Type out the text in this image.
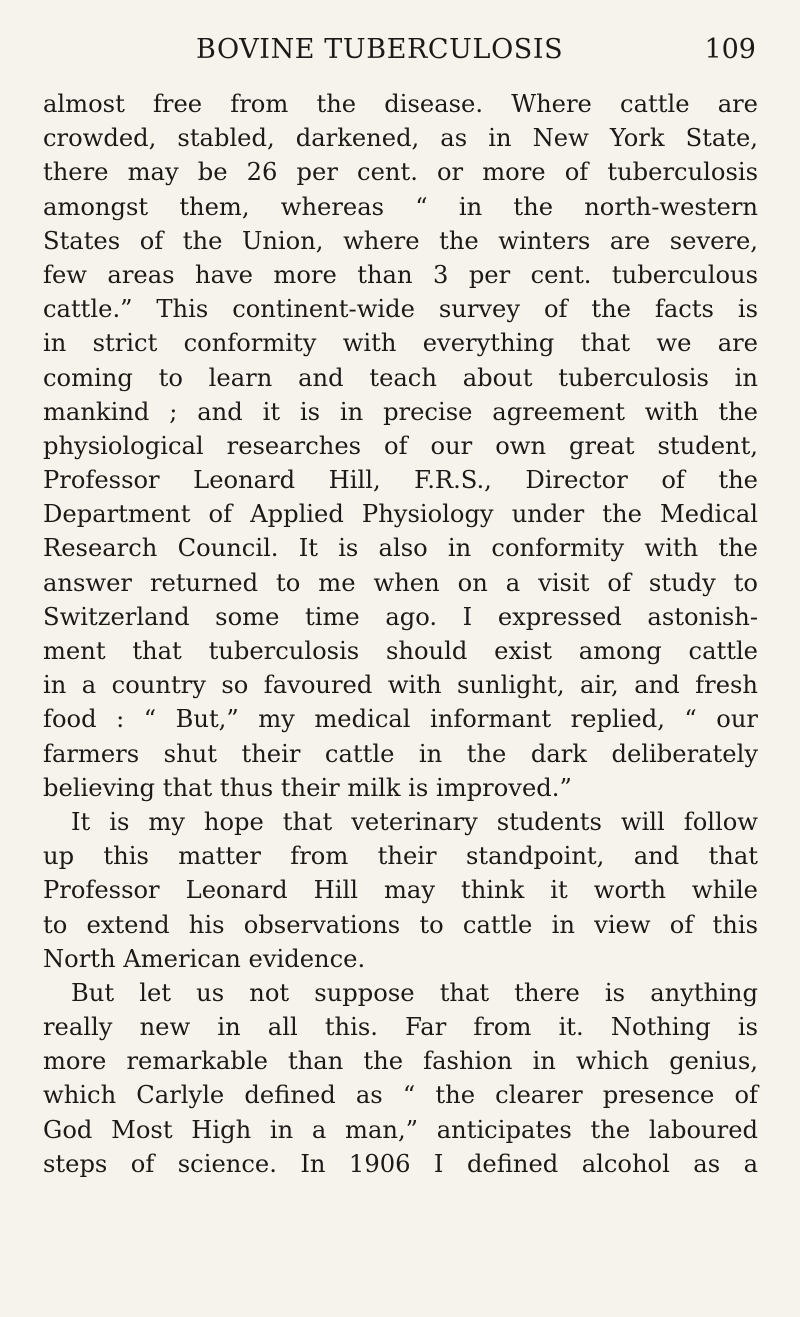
BOVINE TUBERCULOSIS	109
almost free from the disease. Where cattle are
crowded, stabled, darkened, as in New York State,
there may be 26 per cent. or more of tuberculosis
amongst them, whereas “ in the north-western
States of the Union, where the winters are severe,
few areas have more than 3 per cent. tuberculous
cattle.” This continent-wide survey of the facts is
in strict conformity with everything that we are
coming to learn and teach about tuberculosis in
mankind ; and it is in precise agreement with the
physiological researches of our own great student,
Professor Leonard Hill, F.R.S., Director of the
Department of Applied Physiology under the Medical
Research Council. It is also in conformity with the
answer returned to me when on a visit of study to
Switzerland some time ago. I expressed astonish-
ment that tuberculosis should exist among cattle
in a country so favoured with sunlight, air, and fresh
food : “ But,” my medical informant replied, “ our
farmers shut their cattle in the dark deliberately
believing that thus their milk is improved.”
It is my hope that veterinary students will follow
up this matter from their standpoint, and that
Professor Leonard Hill may think it worth while
to extend his observations to cattle in view of this
North American evidence.
But let us not suppose that there is anything
really new in all this. Far from it. Nothing is
more remarkable than the fashion in which genius,
which Carlyle defined as “ the clearer presence of
God Most High in a man,” anticipates the laboured
steps of science. In 1906 I defined alcohol as a
